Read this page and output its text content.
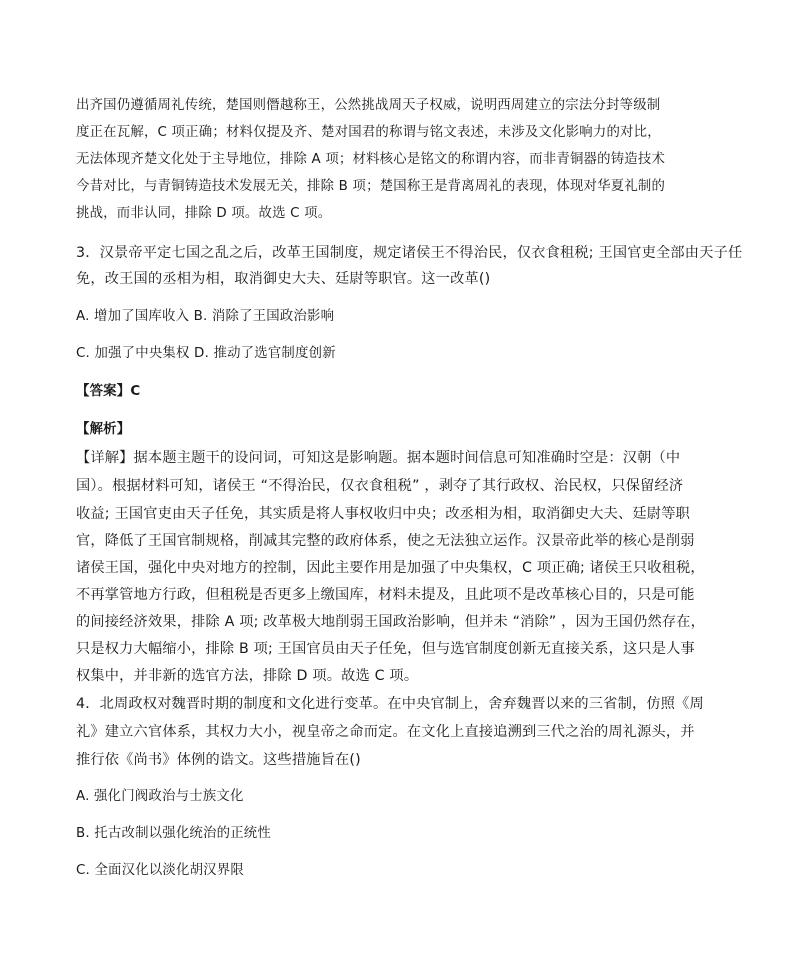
出齐国仍遵循周礼传统，楚国则僭越称王，公然挑战周天子权威，说明西周建立的宗法分封等级制
度正在瓦解，C 项正确；材料仅提及齐、楚对国君的称谓与铭文表述，未涉及文化影响力的对比，
无法体现齐楚文化处于主导地位，排除 A 项；材料核心是铭文的称谓内容，而非青铜器的铸造技术
今昔对比，与青铜铸造技术发展无关，排除 B 项；楚国称王是背离周礼的表现，体现对华夏礼制的
挑战，而非认同，排除 D 项。故选 C 项。
3．汉景帝平定七国之乱之后，改革王国制度，规定诸侯王不得治民，仅衣食租税; 王国官吏全部由天子任
免，改王国的丞相为相，取消御史大夫、廷尉等职官。这一改革()
A. 增加了国库收入 B. 消除了王国政治影响
C. 加强了中央集权 D. 推动了选官制度创新
【答案】C
【解析】
【详解】据本题主题干的设问词，可知这是影响题。据本题时间信息可知准确时空是：汉朝（中
国）。根据材料可知，诸侯王 “不得治民，仅衣食租税” ，剥夺了其行政权、治民权，只保留经济
收益; 王国官吏由天子任免，其实质是将人事权收归中央；改丞相为相，取消御史大夫、廷尉等职
官，降低了王国官制规格，削减其完整的政府体系，使之无法独立运作。汉景帝此举的核心是削弱
诸侯王国，强化中央对地方的控制，因此主要作用是加强了中央集权，C 项正确; 诸侯王只收租税，
不再掌管地方行政，但租税是否更多上缴国库，材料未提及，且此项不是改革核心目的，只是可能
的间接经济效果，排除 A 项; 改革极大地削弱王国政治影响，但并未 “消除” ，因为王国仍然存在，
只是权力大幅缩小，排除 B 项; 王国官员由天子任免，但与选官制度创新无直接关系，这只是人事
权集中，并非新的选官方法，排除 D 项。故选 C 项。
4．北周政权对魏晋时期的制度和文化进行变革。在中央官制上，舍弃魏晋以来的三省制，仿照《周
礼》建立六官体系，其权力大小，视皇帝之命而定。在文化上直接追溯到三代之治的周礼源头，并
推行依《尚书》体例的诰文。这些措施旨在()
A. 强化门阀政治与士族文化
B. 托古改制以强化统治的正统性
C. 全面汉化以淡化胡汉界限
